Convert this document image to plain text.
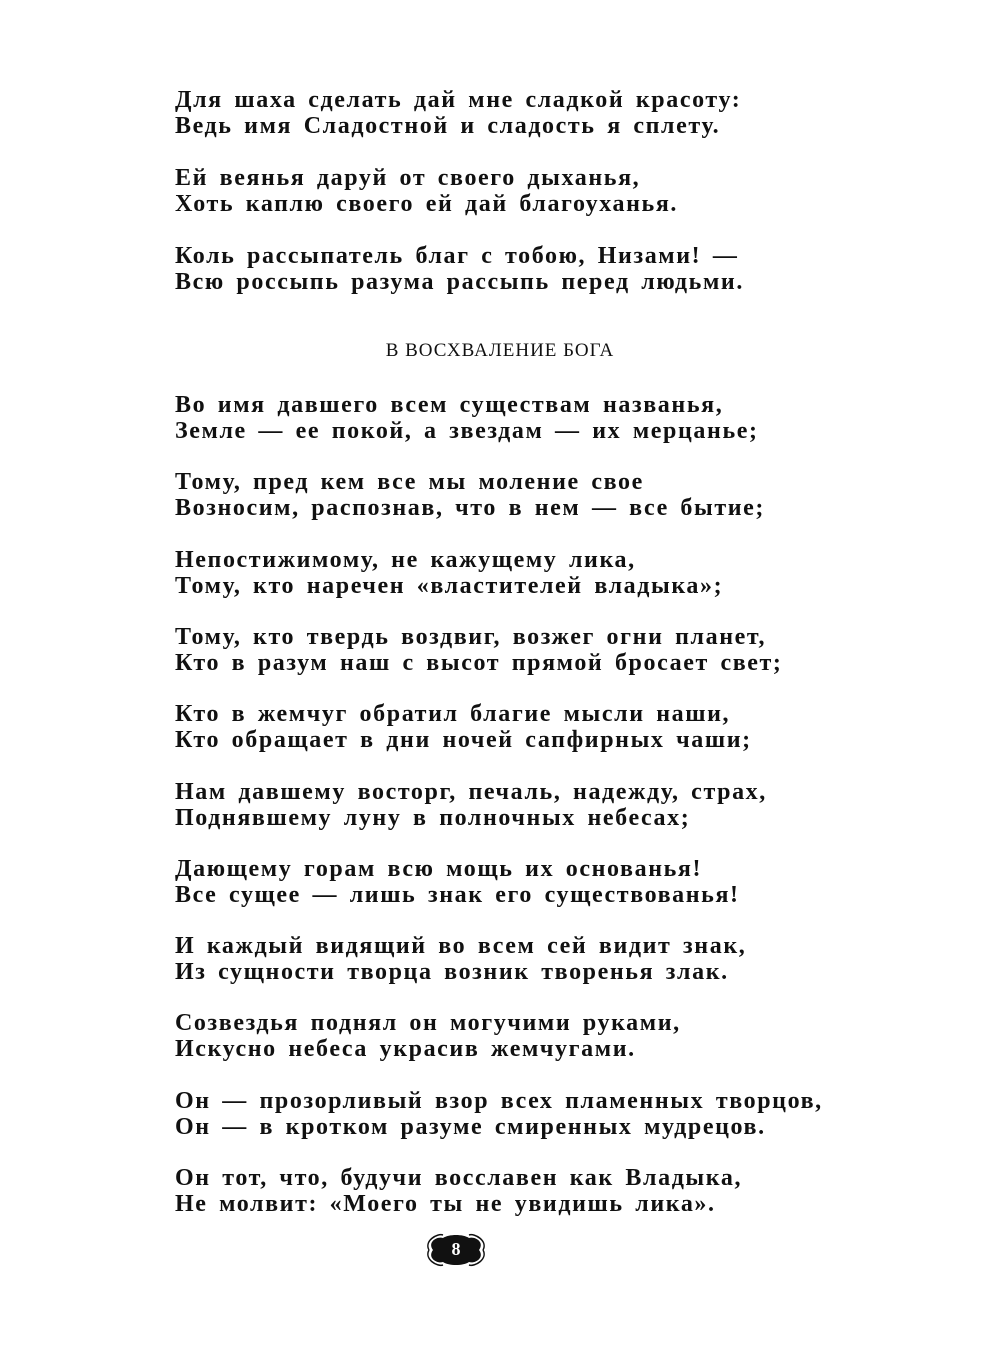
Для шаха сделать дай мне сладкой красоту:
Ведь имя Сладостной и сладость я сплету.
Ей веянья даруй от своего дыханья,
Хоть каплю своего ей дай благоуханья.
Коль рассыпатель благ с тобою, Низами! —
Всю россыпь разума рассыпь перед людьми.
В ВОСХВАЛЕНИЕ БОГА
Во имя давшего всем существам названья,
Земле — ее покой, а звездам — их мерцанье;
Тому, пред кем все мы моление свое
Возносим, распознав, что в нем — все бытие;
Непостижимому, не кажущему лика,
Тому, кто наречен «властителей владыка»;
Тому, кто твердь воздвиг, возжег огни планет,
Кто в разум наш с высот прямой бросает свет;
Кто в жемчуг обратил благие мысли наши,
Кто обращает в дни ночей сапфирных чаши;
Нам давшему восторг, печаль, надежду, страх,
Поднявшему луну в полночных небесах;
Дающему горам всю мощь их основанья!
Все сущее — лишь знак его существованья!
И каждый видящий во всем сей видит знак,
Из сущности творца возник творенья злак.
Созвездья поднял он могучими руками,
Искусно небеса украсив жемчугами.
Он — прозорливый взор всех пламенных творцов,
Он — в кротком разуме смиренных мудрецов.
Он тот, что, будучи восславен как Владыка,
Не молвит: «Моего ты не увидишь лика».
8
